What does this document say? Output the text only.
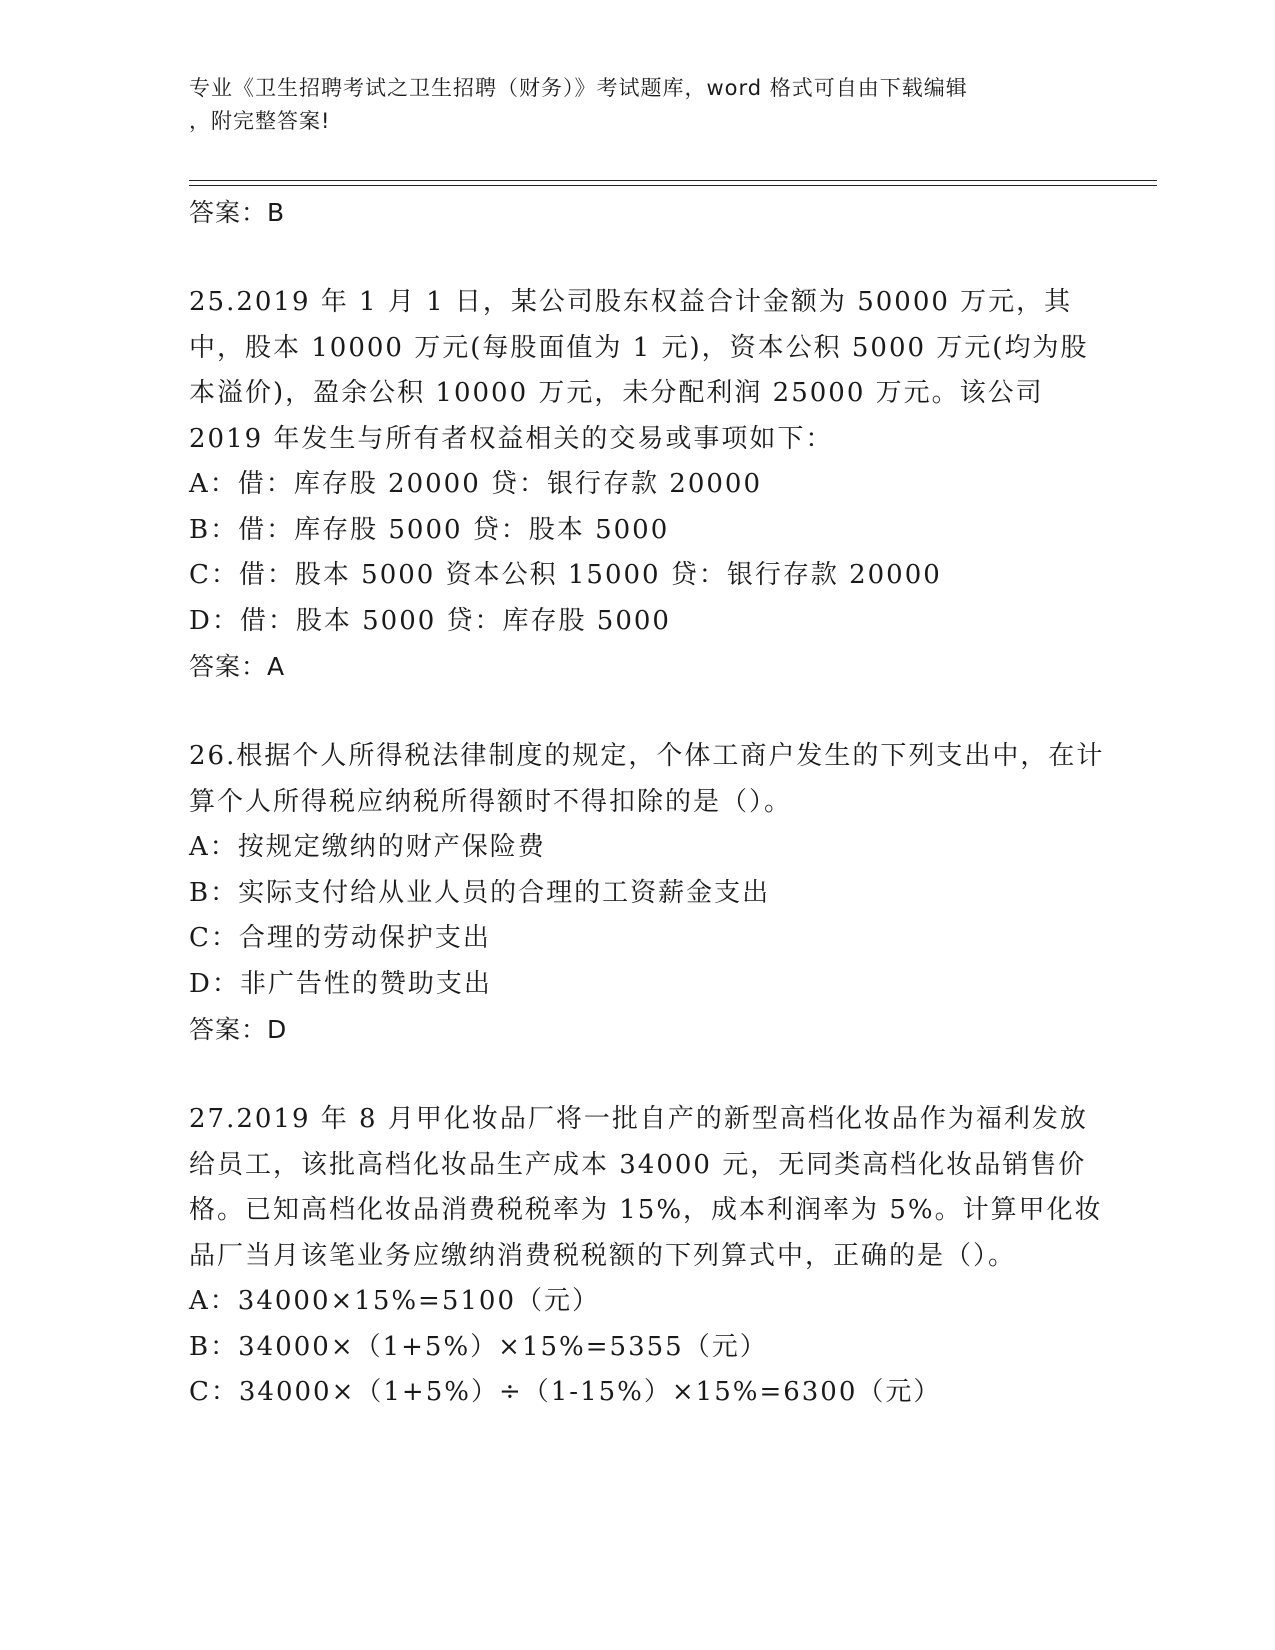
专业《卫生招聘考试之卫生招聘（财务）》考试题库，word 格式可自由下载编辑
，附完整答案!

答案：B

25.2019 年 1 月 1 日，某公司股东权益合计金额为 50000 万元，其中，股本 10000 万元(每股面值为 1 元)，资本公积 5000 万元(均为股本溢价)，盈余公积 10000 万元，未分配利润 25000 万元。该公司 2019 年发生与所有者权益相关的交易或事项如下：

A：借：库存股 20000 贷：银行存款 20000

B：借：库存股 5000 贷：股本 5000

C：借：股本 5000 资本公积 15000 贷：银行存款 20000

D：借：股本 5000 贷：库存股 5000

答案：A

26.根据个人所得税法律制度的规定，个体工商户发生的下列支出中，在计算个人所得税应纳税所得额时不得扣除的是（）。

A：按规定缴纳的财产保险费

B：实际支付给从业人员的合理的工资薪金支出

C：合理的劳动保护支出

D：非广告性的赞助支出

答案：D

27.2019 年 8 月甲化妆品厂将一批自产的新型高档化妆品作为福利发放给员工，该批高档化妆品生产成本 34000 元，无同类高档化妆品销售价格。已知高档化妆品消费税税率为 15%，成本利润率为 5%。计算甲化妆品厂当月该笔业务应缴纳消费税税额的下列算式中，正确的是（）。

A：34000×15%=5100（元）

B：34000×（1+5%）×15%=5355（元）

C：34000×（1+5%）÷（1-15%）×15%=6300（元）
